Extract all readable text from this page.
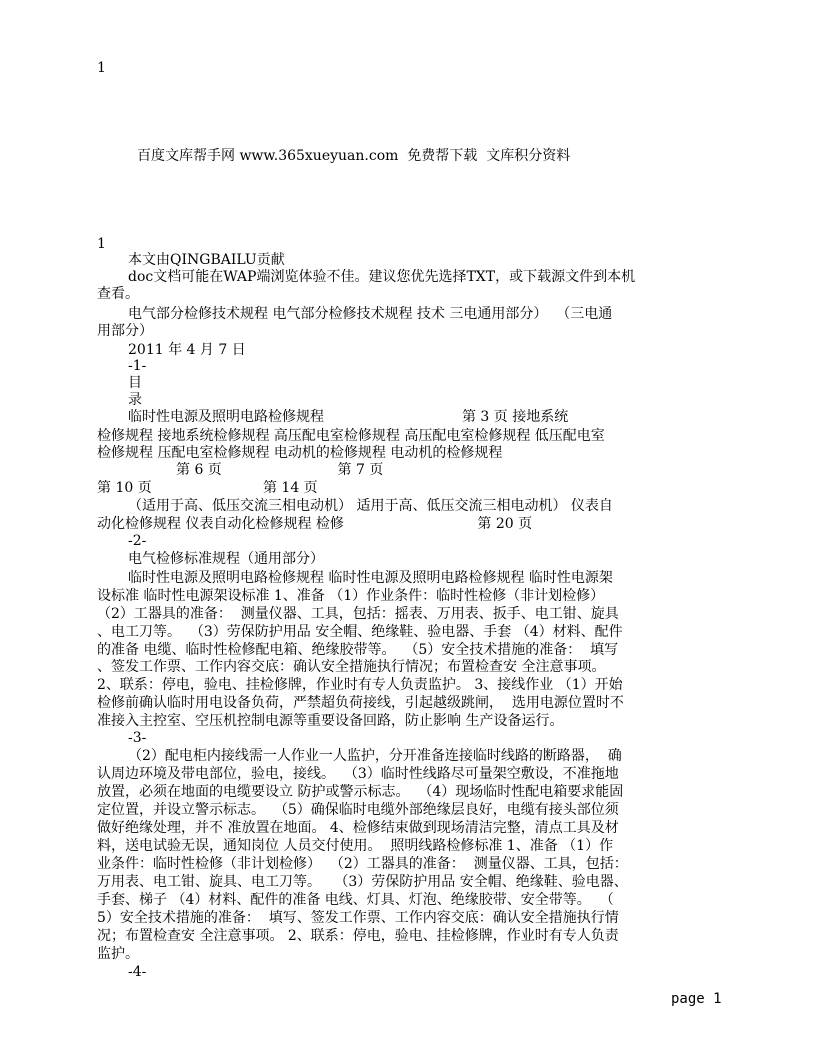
1
百度文库帮手网 www.365xueyuan.com  免费帮下载  文库积分资料
1
本文由QINGBAILU贡献
doc文档可能在WAP端浏览体验不佳。建议您优先选择TXT，或下载源文件到本机
查看。
电气部分检修技术规程 电气部分检修技术规程 技术 三电通用部分）  （三电通
用部分）
2011 年 4 月 7 日
-1-
目
录
临时性电源及照明电路检修规程                               第 3 页 接地系统
检修规程 接地系统检修规程 高压配电室检修规程 高压配电室检修规程 低压配电室
检修规程 压配电室检修规程 电动机的检修规程 电动机的检修规程
第 6 页                          第 7 页
第 10 页                         第 14 页
（适用于高、低压交流三相电动机） 适用于高、低压交流三相电动机） 仪表自
动化检修规程 仪表自动化检修规程 检修                              第 20 页
-2-
电气检修标准规程（通用部分）
临时性电源及照明电路检修规程 临时性电源及照明电路检修规程 临时性电源架
设标准 临时性电源架设标准 1、准备 （1）作业条件：临时性检修（非计划检修）
（2）工器具的准备：  测量仪器、工具，包括：摇表、万用表、扳手、电工钳、旋具
、电工刀等。  （3）劳保防护用品 安全帽、绝缘鞋、验电器、手套 （4）材料、配件
的准备 电缆、临时性检修配电箱、绝缘胶带等。  （5）安全技术措施的准备：  填写
、签发工作票、工作内容交底：确认安全措施执行情况；布置检查安 全注意事项。
2、联系：停电，验电、挂检修牌，作业时有专人负责监护。 3、接线作业 （1）开始
检修前确认临时用电设备负荷，严禁超负荷接线，引起越级跳闸，  选用电源位置时不
准接入主控室、空压机控制电源等重要设备回路，防止影响 生产设备运行。
-3-
（2）配电柜内接线需一人作业一人监护，分开准备连接临时线路的断路器，  确
认周边环境及带电部位，验电，接线。  （3）临时性线路尽可量架空敷设，不准拖地
放置，必须在地面的电缆要设立 防护或警示标志。  （4）现场临时性配电箱要求能固
定位置，并设立警示标志。  （5）确保临时电缆外部绝缘层良好，电缆有接头部位须
做好绝缘处理，并不 准放置在地面。 4、检修结束做到现场清洁完整，清点工具及材
料，送电试验无误，通知岗位 人员交付使用。  照明线路检修标准 1、准备 （1）作
业条件：临时性检修（非计划检修）  （2）工器具的准备：  测量仪器、工具，包括：
万用表、电工钳、旋具、电工刀等。   （3）劳保防护用品 安全帽、绝缘鞋、验电器、
手套、梯子 （4）材料、配件的准备 电线、灯具、灯泡、绝缘胶带、安全带等。  （
5）安全技术措施的准备：  填写、签发工作票、工作内容交底：确认安全措施执行情
况；布置检查安 全注意事项。 2、联系：停电，验电、挂检修牌，作业时有专人负责
监护。
-4-
page 1
